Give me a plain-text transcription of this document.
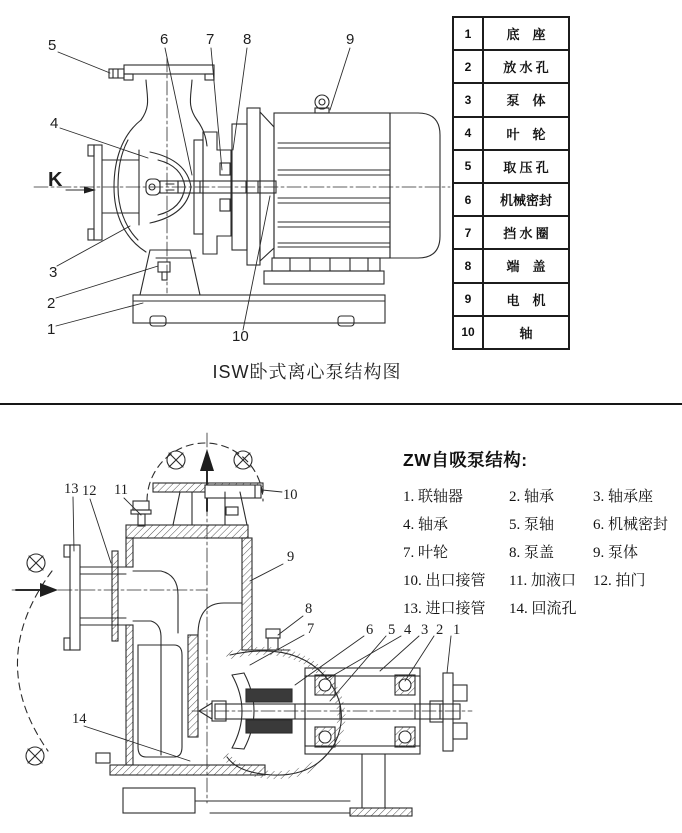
K
5	6	7 8	9
4
3
2
1	10
1	底　座
2	放 水 孔
3	泵　体
4	叶　轮
5	取 压 孔
6	机械密封
7	挡 水 圈
8	端　盖
9	电　机
10	轴
ISW卧式离心泵结构图
13 12 11	10
9
8
7	6 5 4 3 2 1
14
ZW自吸泵结构:
1. 联轴器	2. 轴承	3. 轴承座
4. 轴承	5. 泵轴	6. 机械密封
7. 叶轮	8. 泵盖	9. 泵体
10. 出口接管	11. 加液口	12. 拍门
13. 进口接管	14. 回流孔
